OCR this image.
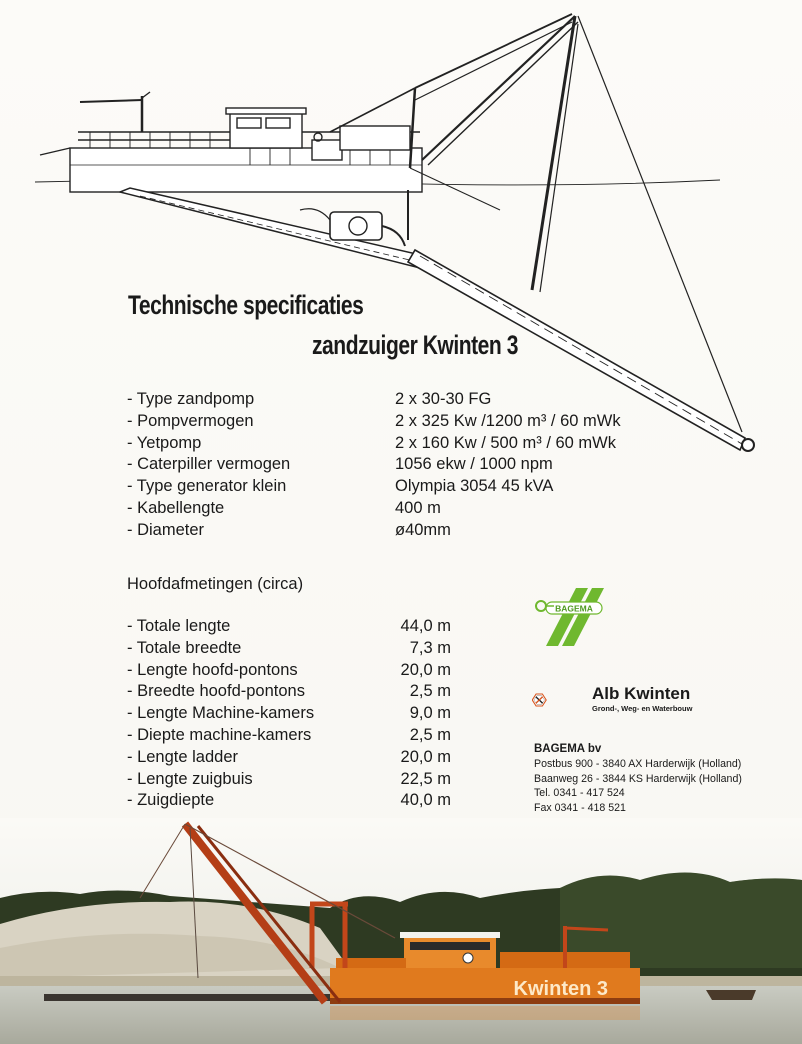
Technische specificaties
zandzuiger Kwinten 3
- Type zandpomp
- Pompvermogen
- Yetpomp
- Caterpiller vermogen
- Type generator klein
- Kabellengte
- Diameter
2 x 30-30 FG
2 x 325 Kw /1200 m³ / 60 mWk
2 x 160 Kw / 500 m³ / 60 mWk
1056 ekw / 1000 npm
Olympia 3054 45 kVA
400 m
ø40mm
Hoofdafmetingen (circa)
- Totale lengte
- Totale breedte
- Lengte hoofd-pontons
- Breedte hoofd-pontons
- Lengte Machine-kamers
- Diepte machine-kamers
- Lengte ladder
- Lengte zuigbuis
- Zuigdiepte
44,0 m
7,3 m
20,0 m
2,5 m
9,0 m
2,5 m
20,0 m
22,5 m
40,0 m
BAGEMA
Alb Kwinten
Grond-, Weg- en Waterbouw
BAGEMA bv
Postbus 900 - 3840 AX Harderwijk (Holland)
Baanweg 26 - 3844 KS Harderwijk (Holland)
Tel. 0341 - 417 524
Fax 0341 - 418 521
Kwinten 3
